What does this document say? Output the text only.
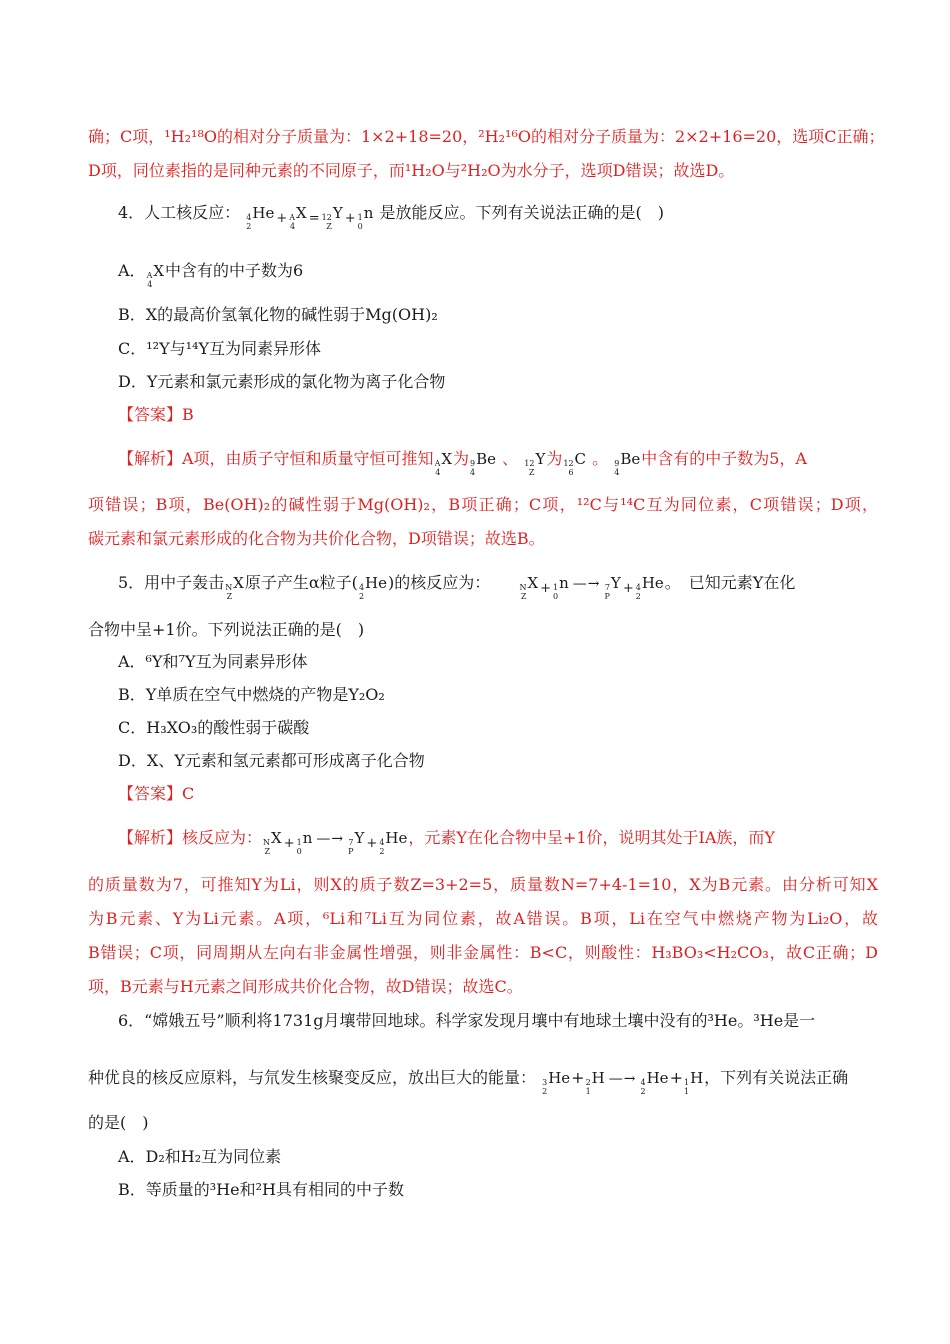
确；C项，¹H₂¹⁸O的相对分子质量为：1×2+18=20，²H₂¹⁶O的相对分子质量为：2×2+16=20，选项C正确；
D项，同位素指的是同种元素的不同原子，而¹H₂O与²H₂O为水分子，选项D错误；故选D。
4．人工核反应： 4
2
He $_+$ A
4
X $_=$ 12
Z
Y $_+$ 1
0
n 是放能反应。下列有关说法正确的是(　)
A． A
4
X中含有的中子数为6
B．X的最高价氢氧化物的碱性弱于Mg(OH)₂
C．¹²Y与¹⁴Y互为同素异形体
D．Y元素和氯元素形成的氯化物为离子化合物
【答案】B
【解析】A项，由质子守恒和质量守恒可推知 A
4
X为 9
4
Be 、 12
Z
Y为 12
6
C 。 9
4
Be中含有的中子数为5，A
项错误；B项，Be(OH)₂的碱性弱于Mg(OH)₂，B项正确；C项，¹²C与¹⁴C互为同位素，C项错误；D项，
碳元素和氯元素形成的化合物为共价化合物，D项错误；故选B。
5．用中子轰击 N
Z
X原子产生α粒子( 4
2
He)的核反应为：	N
Z
X $_+$ 1
0
n —→ 7
P
Y $_+$ 4
2
He。　已知元素Y在化
合物中呈+1价。下列说法正确的是(　)
A．⁶Y和⁷Y互为同素异形体
B．Y单质在空气中燃烧的产物是Y₂O₂
C．H₃XO₃的酸性弱于碳酸
D．X、Y元素和氢元素都可形成离子化合物
【答案】C
【解析】核反应为： N
Z
X $_+$ 1
0
n —→ 7
P
Y $_+$ 4
2
He，元素Y在化合物中呈+1价，说明其处于IA族，而Y
的质量数为7，可推知Y为Li，则X的质子数Z=3+2=5，质量数N=7+4-1=10，X为B元素。由分析可知X
为B元素、Y为Li元素。A项，⁶Li和⁷Li互为同位素，故A错误。B项，Li在空气中燃烧产物为Li₂O，故
B错误；C项，同周期从左向右非金属性增强，则非金属性：B<C，则酸性：H₃BO₃<H₂CO₃，故C正确；D
项，B元素与H元素之间形成共价化合物，故D错误；故选C。
6．“嫦娥五号”顺利将1731g月壤带回地球。科学家发现月壤中有地球土壤中没有的³He。³He是一
种优良的核反应原料，与氘发生核聚变反应，放出巨大的能量： 3
2
He+ 2
1
H —→ 4
2
He+ 1
1
H，下列有关说法正确
的是(　)
A．D₂和H₂互为同位素
B．等质量的³He和²H具有相同的中子数
